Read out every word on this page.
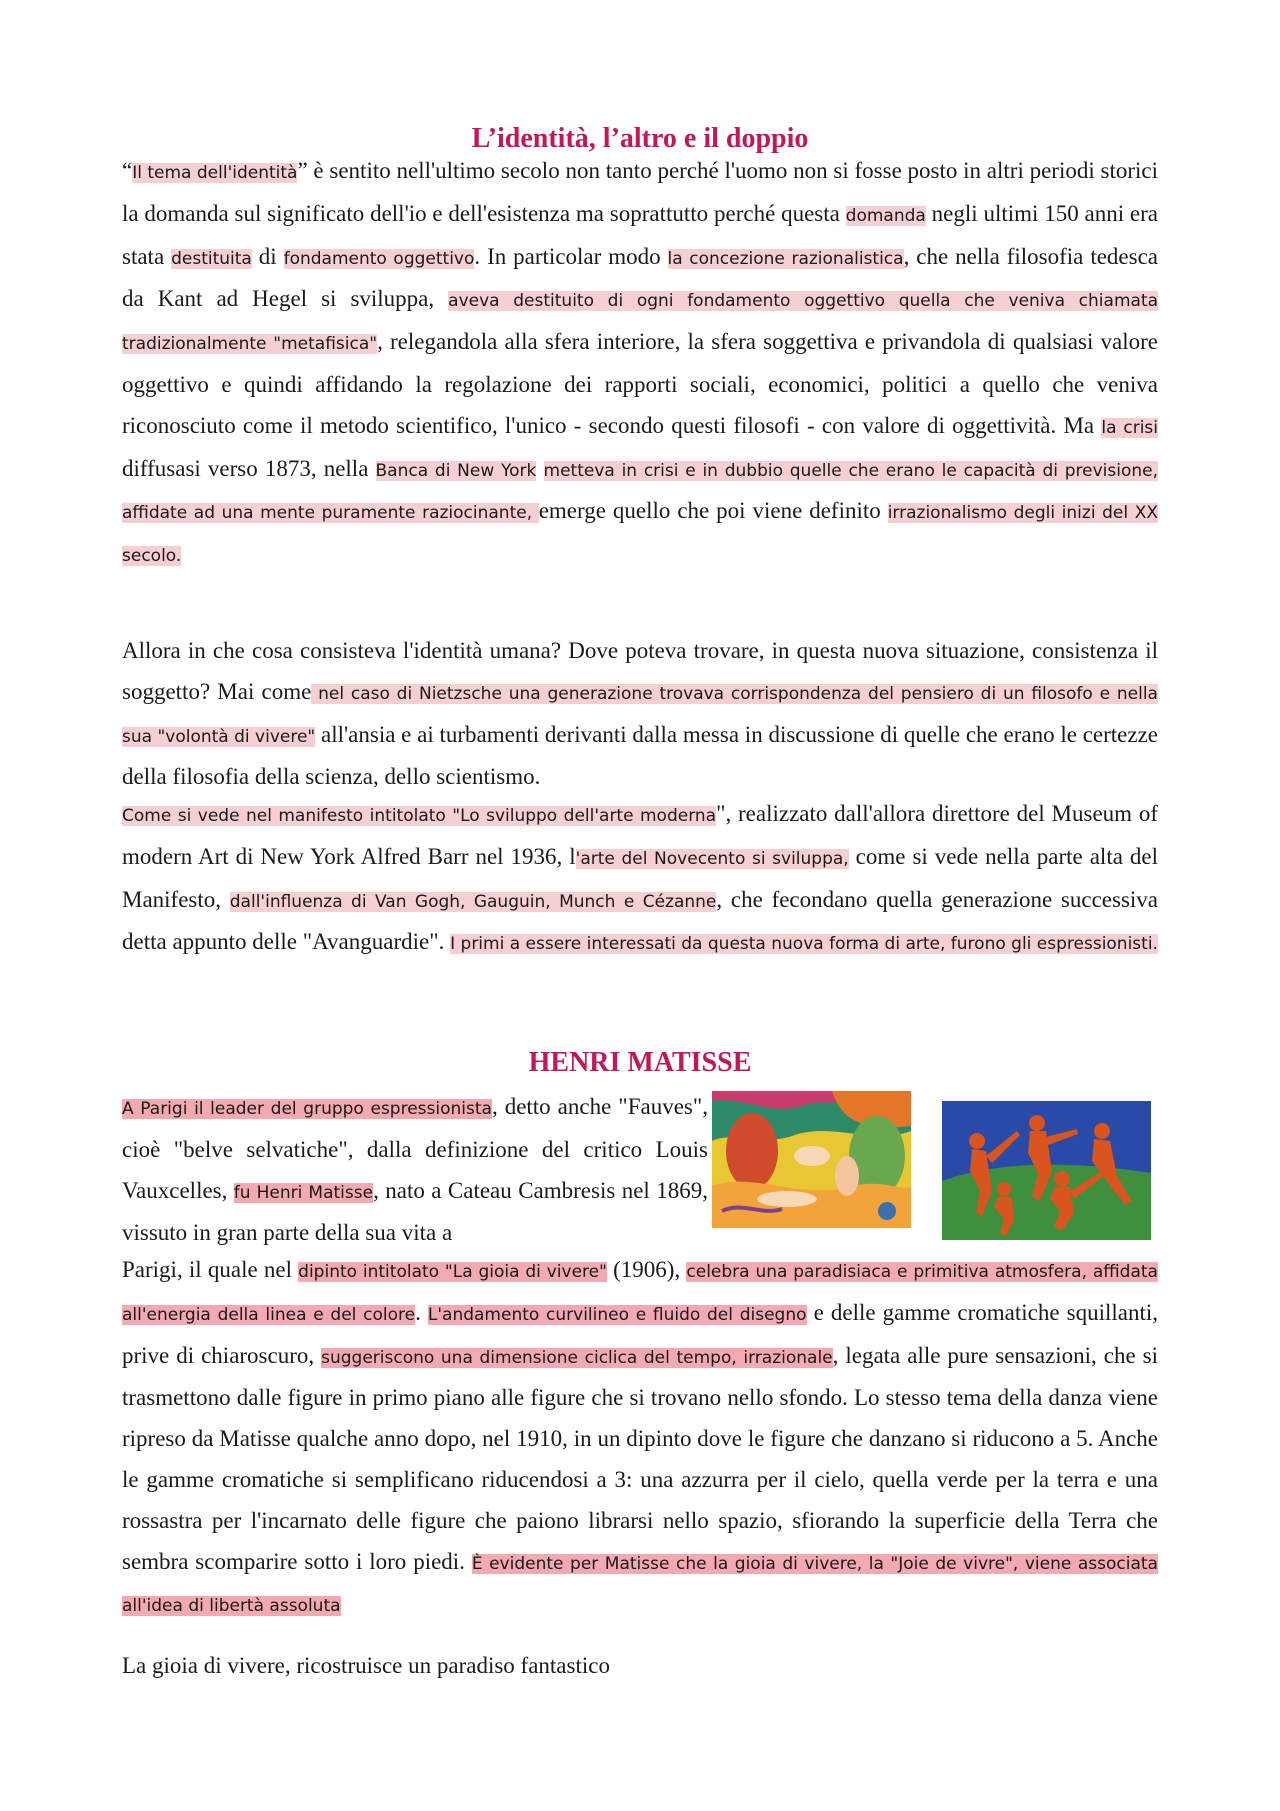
L’identità, l’altro e il doppio

“Il tema dell'identità” è sentito nell'ultimo secolo non tanto perché l'uomo non si fosse posto in altri periodi storici la domanda sul significato dell'io e dell'esistenza ma soprattutto perché questa domanda negli ultimi 150 anni era stata destituita di fondamento oggettivo. In particolar modo la concezione razionalistica, che nella filosofia tedesca da Kant ad Hegel si sviluppa, aveva destituito di ogni fondamento oggettivo quella che veniva chiamata tradizionalmente "metafisica", relegandola alla sfera interiore, la sfera soggettiva e privandola di qualsiasi valore oggettivo e quindi affidando la regolazione dei rapporti sociali, economici, politici a quello che veniva riconosciuto come il metodo scientifico, l'unico - secondo questi filosofi - con valore di oggettività. Ma la crisi diffusasi verso 1873, nella Banca di New York metteva in crisi e in dubbio quelle che erano le capacità di previsione, affidate ad una mente puramente raziocinante, emerge quello che poi viene definito irrazionalismo degli inizi del XX secolo.

Allora in che cosa consisteva l'identità umana? Dove poteva trovare, in questa nuova situazione, consistenza il soggetto? Mai come nel caso di Nietzsche una generazione trovava corrispondenza del pensiero di un filosofo e nella sua "volontà di vivere" all'ansia e ai turbamenti derivanti dalla messa in discussione di quelle che erano le certezze della filosofia della scienza, dello scientismo.

Come si vede nel manifesto intitolato "Lo sviluppo dell'arte moderna", realizzato dall'allora direttore del Museum of modern Art di New York Alfred Barr nel 1936, l'arte del Novecento si sviluppa, come si vede nella parte alta del Manifesto, dall'influenza di Van Gogh, Gauguin, Munch e Cézanne, che fecondano quella generazione successiva detta appunto delle "Avanguardie". I primi a essere interessati da questa nuova forma di arte, furono gli espressionisti.

HENRI MATISSE

A Parigi il leader del gruppo espressionista, detto anche "Fauves", cioè "belve selvatiche", dalla definizione del critico Louis Vauxcelles, fu Henri Matisse, nato a Cateau Cambresis nel 1869, vissuto in gran parte della sua vita a

Parigi, il quale nel dipinto intitolato "La gioia di vivere" (1906), celebra una paradisiaca e primitiva atmosfera, affidata all'energia della linea e del colore. L'andamento curvilineo e fluido del disegno e delle gamme cromatiche squillanti, prive di chiaroscuro, suggeriscono una dimensione ciclica del tempo, irrazionale, legata alle pure sensazioni, che si trasmettono dalle figure in primo piano alle figure che si trovano nello sfondo. Lo stesso tema della danza viene ripreso da Matisse qualche anno dopo, nel 1910, in un dipinto dove le figure che danzano si riducono a 5. Anche le gamme cromatiche si semplificano riducendosi a 3: una azzurra per il cielo, quella verde per la terra e una rossastra per l'incarnato delle figure che paiono librarsi nello spazio, sfiorando la superficie della Terra che sembra scomparire sotto i loro piedi. È evidente per Matisse che la gioia di vivere, la "Joie de vivre", viene associata all'idea di libertà assoluta

La gioia di vivere, ricostruisce un paradiso fantastico
